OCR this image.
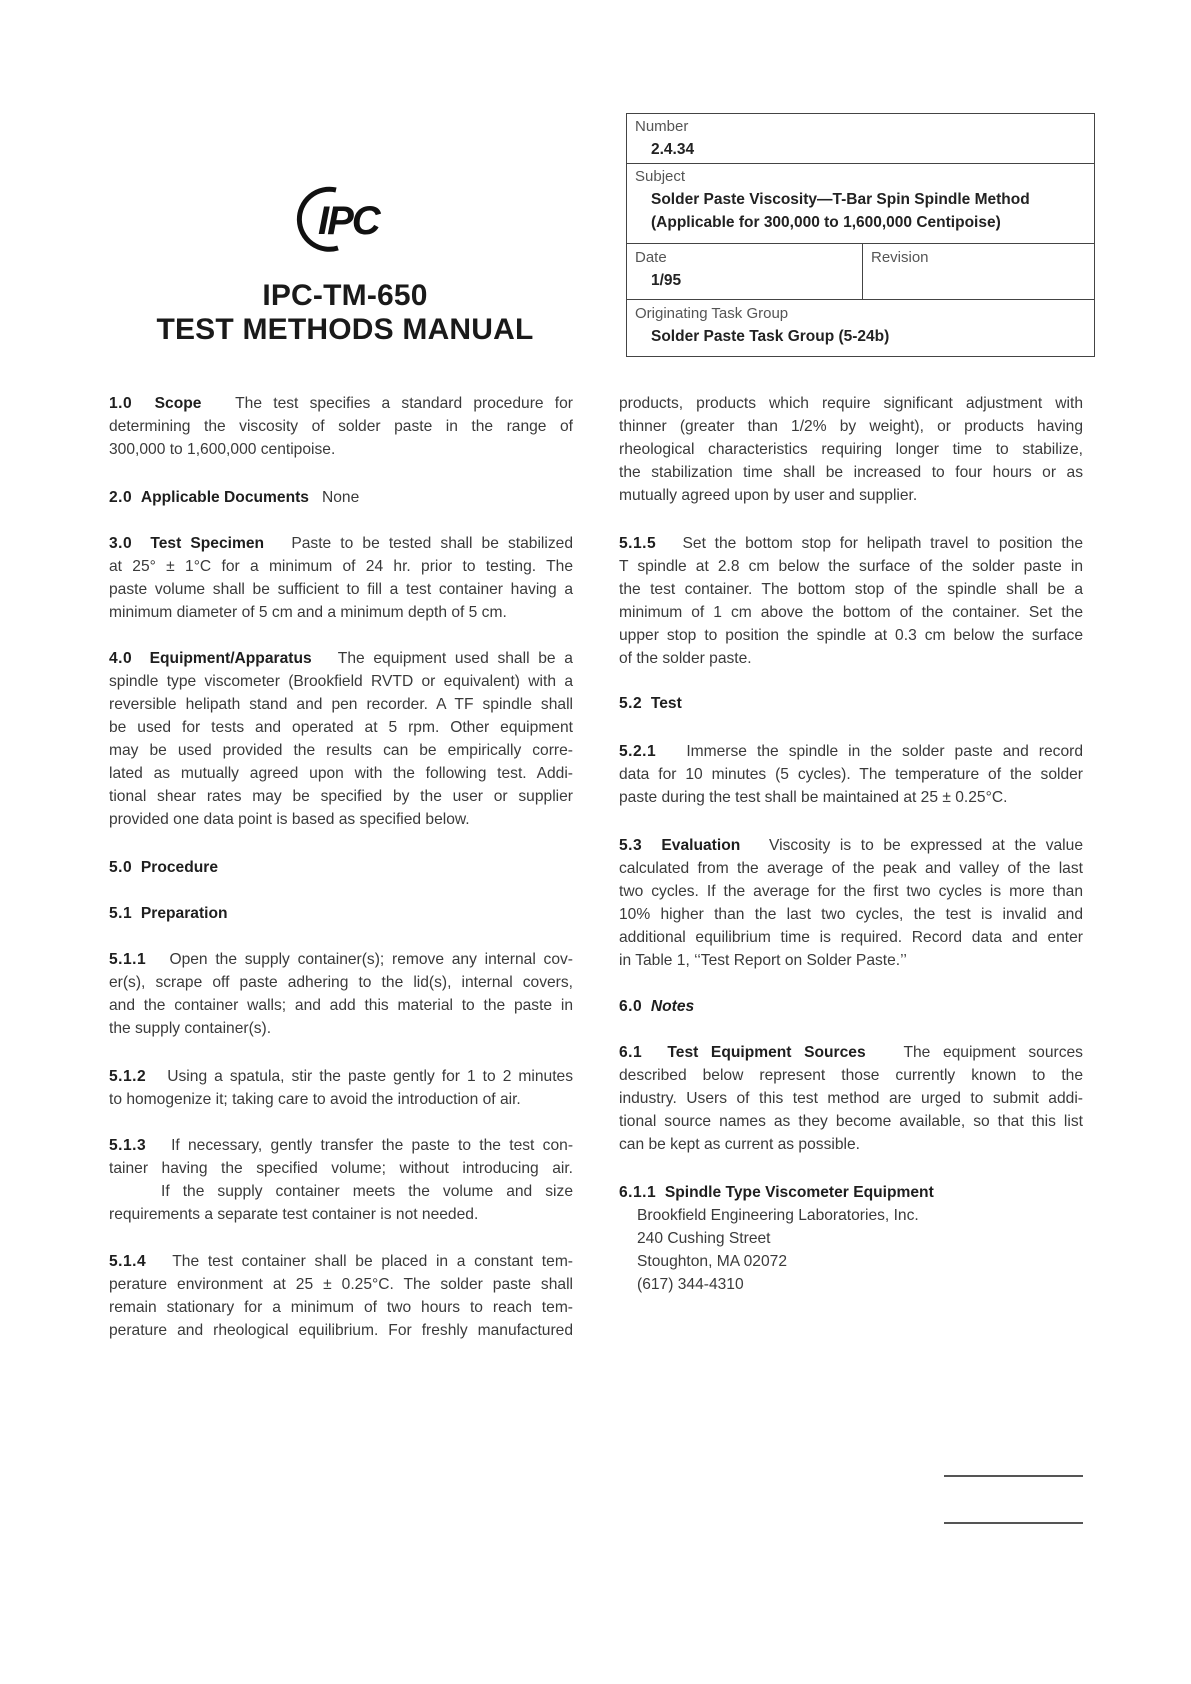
IPC
IPC-TM-650
TEST METHODS MANUAL
Number
2.4.34
Subject
Solder Paste Viscosity—T-Bar Spin Spindle Method
(Applicable for 300,000 to 1,600,000 Centipoise)
Date
1/95
Revision
Originating Task Group
Solder Paste Task Group (5-24b)
1.0 Scope The test specifies a standard procedure for
determining the viscosity of solder paste in the range of
300,000 to 1,600,000 centipoise.
2.0 Applicable Documents None
3.0 Test Specimen Paste to be tested shall be stabilized
at 25° ± 1°C for a minimum of 24 hr. prior to testing. The
paste volume shall be sufficient to fill a test container having a
minimum diameter of 5 cm and a minimum depth of 5 cm.
4.0 Equipment/Apparatus The equipment used shall be a
spindle type viscometer (Brookfield RVTD or equivalent) with a
reversible helipath stand and pen recorder. A TF spindle shall
be used for tests and operated at 5 rpm. Other equipment
may be used provided the results can be empirically corre-
lated as mutually agreed upon with the following test. Addi-
tional shear rates may be specified by the user or supplier
provided one data point is based as specified below.
5.0 Procedure
5.1 Preparation
5.1.1 Open the supply container(s); remove any internal cov-
er(s), scrape off paste adhering to the lid(s), internal covers,
and the container walls; and add this material to the paste in
the supply container(s).
5.1.2 Using a spatula, stir the paste gently for 1 to 2 minutes
to homogenize it; taking care to avoid the introduction of air.
5.1.3 If necessary, gently transfer the paste to the test con-
tainer having the specified volume; without introducing air.
If the supply container meets the volume and size
requirements a separate test container is not needed.
5.1.4 The test container shall be placed in a constant tem-
perature environment at 25 ± 0.25°C. The solder paste shall
remain stationary for a minimum of two hours to reach tem-
perature and rheological equilibrium. For freshly manufactured
products, products which require significant adjustment with
thinner (greater than 1/2% by weight), or products having
rheological characteristics requiring longer time to stabilize,
the stabilization time shall be increased to four hours or as
mutually agreed upon by user and supplier.
5.1.5 Set the bottom stop for helipath travel to position the
T spindle at 2.8 cm below the surface of the solder paste in
the test container. The bottom stop of the spindle shall be a
minimum of 1 cm above the bottom of the container. Set the
upper stop to position the spindle at 0.3 cm below the surface
of the solder paste.
5.2 Test
5.2.1 Immerse the spindle in the solder paste and record
data for 10 minutes (5 cycles). The temperature of the solder
paste during the test shall be maintained at 25 ± 0.25°C.
5.3 Evaluation Viscosity is to be expressed at the value
calculated from the average of the peak and valley of the last
two cycles. If the average for the first two cycles is more than
10% higher than the last two cycles, the test is invalid and
additional equilibrium time is required. Record data and enter
in Table 1, ‘‘Test Report on Solder Paste.’’
6.0 Notes
6.1 Test Equipment Sources The equipment sources
described below represent those currently known to the
industry. Users of this test method are urged to submit addi-
tional source names as they become available, so that this list
can be kept as current as possible.
6.1.1 Spindle Type Viscometer Equipment
Brookfield Engineering Laboratories, Inc.
240 Cushing Street
Stoughton, MA 02072
(617) 344-4310
